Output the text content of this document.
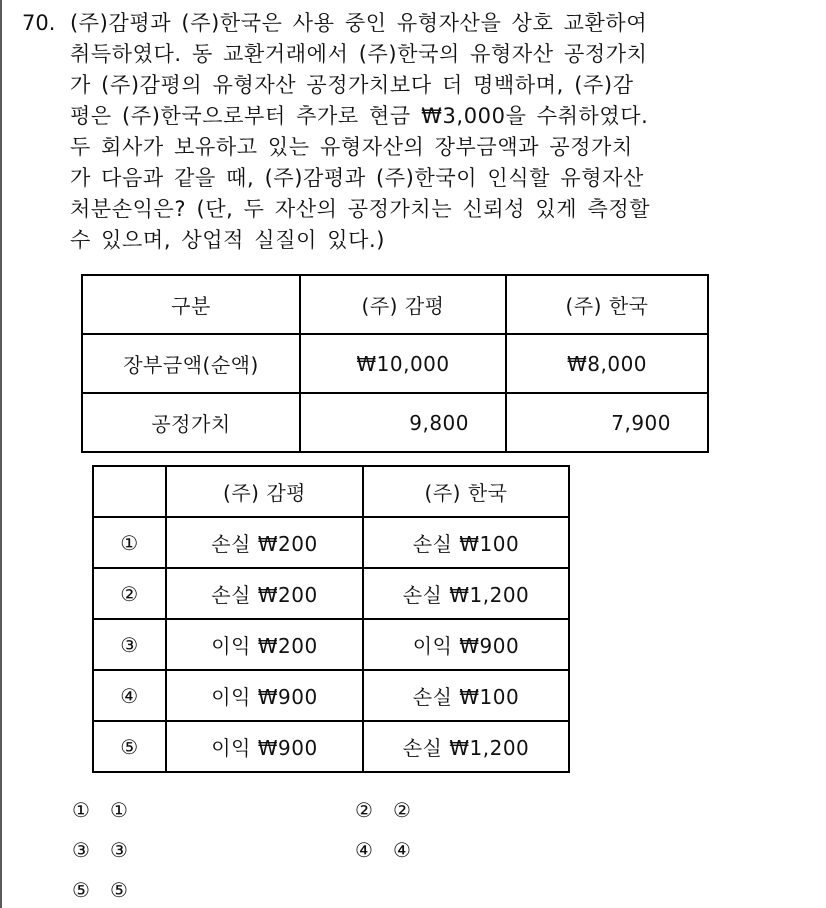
70. (주)감평과 (주)한국은 사용 중인 유형자산을 상호 교환하여
취득하였다. 동 교환거래에서 (주)한국의 유형자산 공정가치
가 (주)감평의 유형자산 공정가치보다 더 명백하며, (주)감
평은 (주)한국으로부터 추가로 현금 ₩3,000을 수취하였다.
두 회사가 보유하고 있는 유형자산의 장부금액과 공정가치
가 다음과 같을 때, (주)감평과 (주)한국이 인식할 유형자산
처분손익은? (단, 두 자산의 공정가치는 신뢰성 있게 측정할
수 있으며, 상업적 실질이 있다.)
구분	(주) 감평	(주) 한국
장부금액(순액)	₩10,000	₩8,000
공정가치	9,800	7,900
	(주) 감평	(주) 한국
①	손실 ₩200	손실 ₩100
②	손실 ₩200	손실 ₩1,200
③	이익 ₩200	이익 ₩900
④	이익 ₩900	손실 ₩100
⑤	이익 ₩900	손실 ₩1,200
① ①	② ②
③ ③	④ ④
⑤ ⑤
